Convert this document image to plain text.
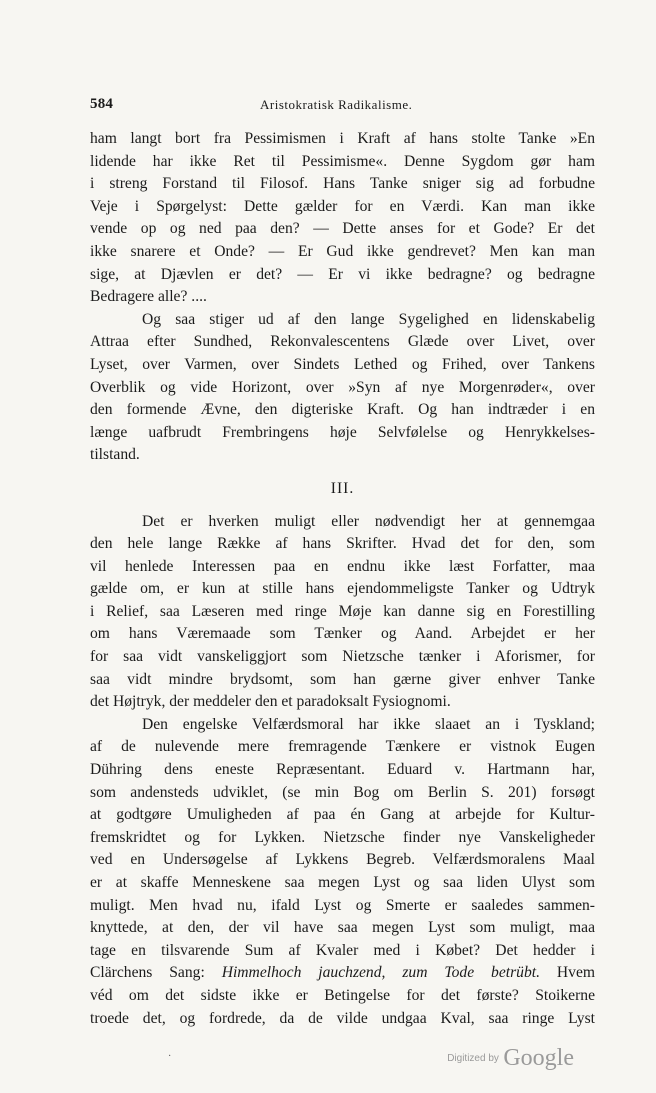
584	Aristokratisk Radikalisme.

ham langt bort fra Pessimismen i Kraft af hans stolte Tanke »En

lidende har ikke Ret til Pessimisme«. Denne Sygdom gør ham

i streng Forstand til Filosof. Hans Tanke sniger sig ad forbudne

Veje i Spørgelyst: Dette gælder for en Værdi. Kan man ikke

vende op og ned paa den? — Dette anses for et Gode? Er det

ikke snarere et Onde? — Er Gud ikke gendrevet? Men kan man

sige, at Djævlen er det? — Er vi ikke bedragne? og bedragne

Bedragere alle? ....

Og saa stiger ud af den lange Sygelighed en lidenskabelig

Attraa efter Sundhed, Rekonvalescentens Glæde over Livet, over

Lyset, over Varmen, over Sindets Lethed og Frihed, over Tankens

Overblik og vide Horizont, over »Syn af nye Morgenrøder«, over

den formende Ævne, den digteriske Kraft. Og han indtræder i en

længe uafbrudt Frembringens høje Selvfølelse og Henrykkelses-

tilstand.

III.

Det er hverken muligt eller nødvendigt her at gennemgaa

den hele lange Række af hans Skrifter. Hvad det for den, som

vil henlede Interessen paa en endnu ikke læst Forfatter, maa

gælde om, er kun at stille hans ejendommeligste Tanker og Udtryk

i Relief, saa Læseren med ringe Møje kan danne sig en Forestilling

om hans Væremaade som Tænker og Aand. Arbejdet er her

for saa vidt vanskeliggjort som Nietzsche tænker i Aforismer, for

saa vidt mindre brydsomt, som han gærne giver enhver Tanke

det Højtryk, der meddeler den et paradoksalt Fysiognomi.

Den engelske Velfærdsmoral har ikke slaaet an i Tyskland;

af de nulevende mere fremragende Tænkere er vistnok Eugen

Dühring dens eneste Repræsentant. Eduard v. Hartmann har,

som andensteds udviklet, (se min Bog om Berlin S. 201) forsøgt

at godtgøre Umuligheden af paa én Gang at arbejde for Kultur-

fremskridtet og for Lykken. Nietzsche finder nye Vanskeligheder

ved en Undersøgelse af Lykkens Begreb. Velfærdsmoralens Maal

er at skaffe Menneskene saa megen Lyst og saa liden Ulyst som

muligt. Men hvad nu, ifald Lyst og Smerte er saaledes sammen-

knyttede, at den, der vil have saa megen Lyst som muligt, maa

tage en tilsvarende Sum af Kvaler med i Købet? Det hedder i

Clärchens Sang: Himmelhoch jauchzend, zum Tode betrübt. Hvem

véd om det sidste ikke er Betingelse for det første? Stoikerne

troede det, og fordrede, da de vilde undgaa Kval, saa ringe Lyst

·	Digitized by Google
